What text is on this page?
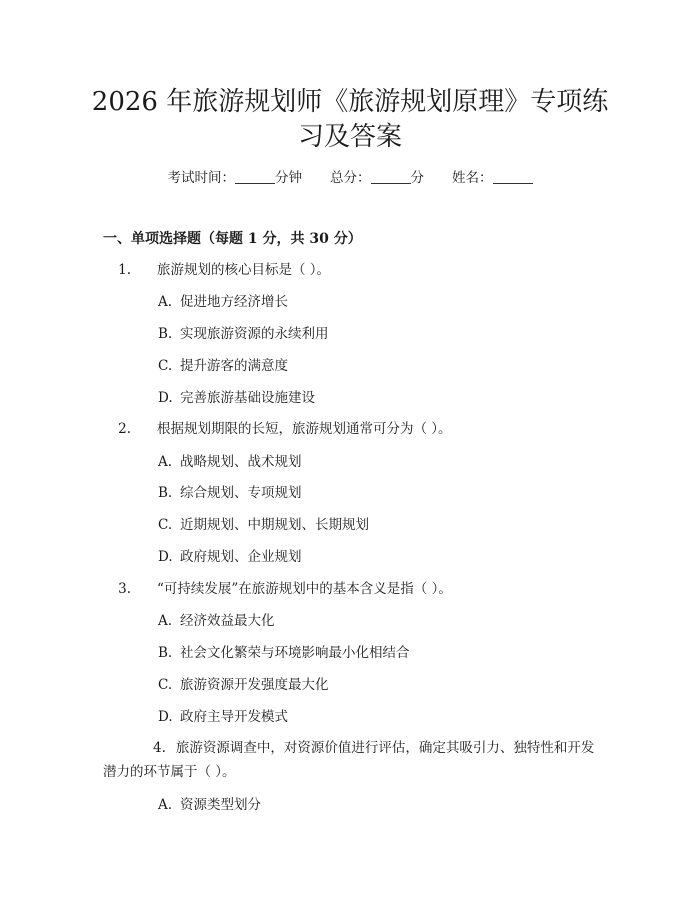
2026 年旅游规划师《旅游规划原理》专项练
习及答案
考试时间：	分钟 总分：	分 姓名：
一、单项选择题（每题 1 分，共 30 分）
1. 旅游规划的核心目标是（ ）。
A. 促进地方经济增长
B. 实现旅游资源的永续利用
C. 提升游客的满意度
D. 完善旅游基础设施建设
2. 根据规划期限的长短，旅游规划通常可分为（ ）。
A. 战略规划、战术规划
B. 综合规划、专项规划
C. 近期规划、中期规划、长期规划
D. 政府规划、企业规划
3. “可持续发展”在旅游规划中的基本含义是指（ ）。
A. 经济效益最大化
B. 社会文化繁荣与环境影响最小化相结合
C. 旅游资源开发强度最大化
D. 政府主导开发模式
4. 旅游资源调查中，对资源价值进行评估，确定其吸引力、独特性和开发潜力的环节属于（ ）。
A. 资源类型划分
